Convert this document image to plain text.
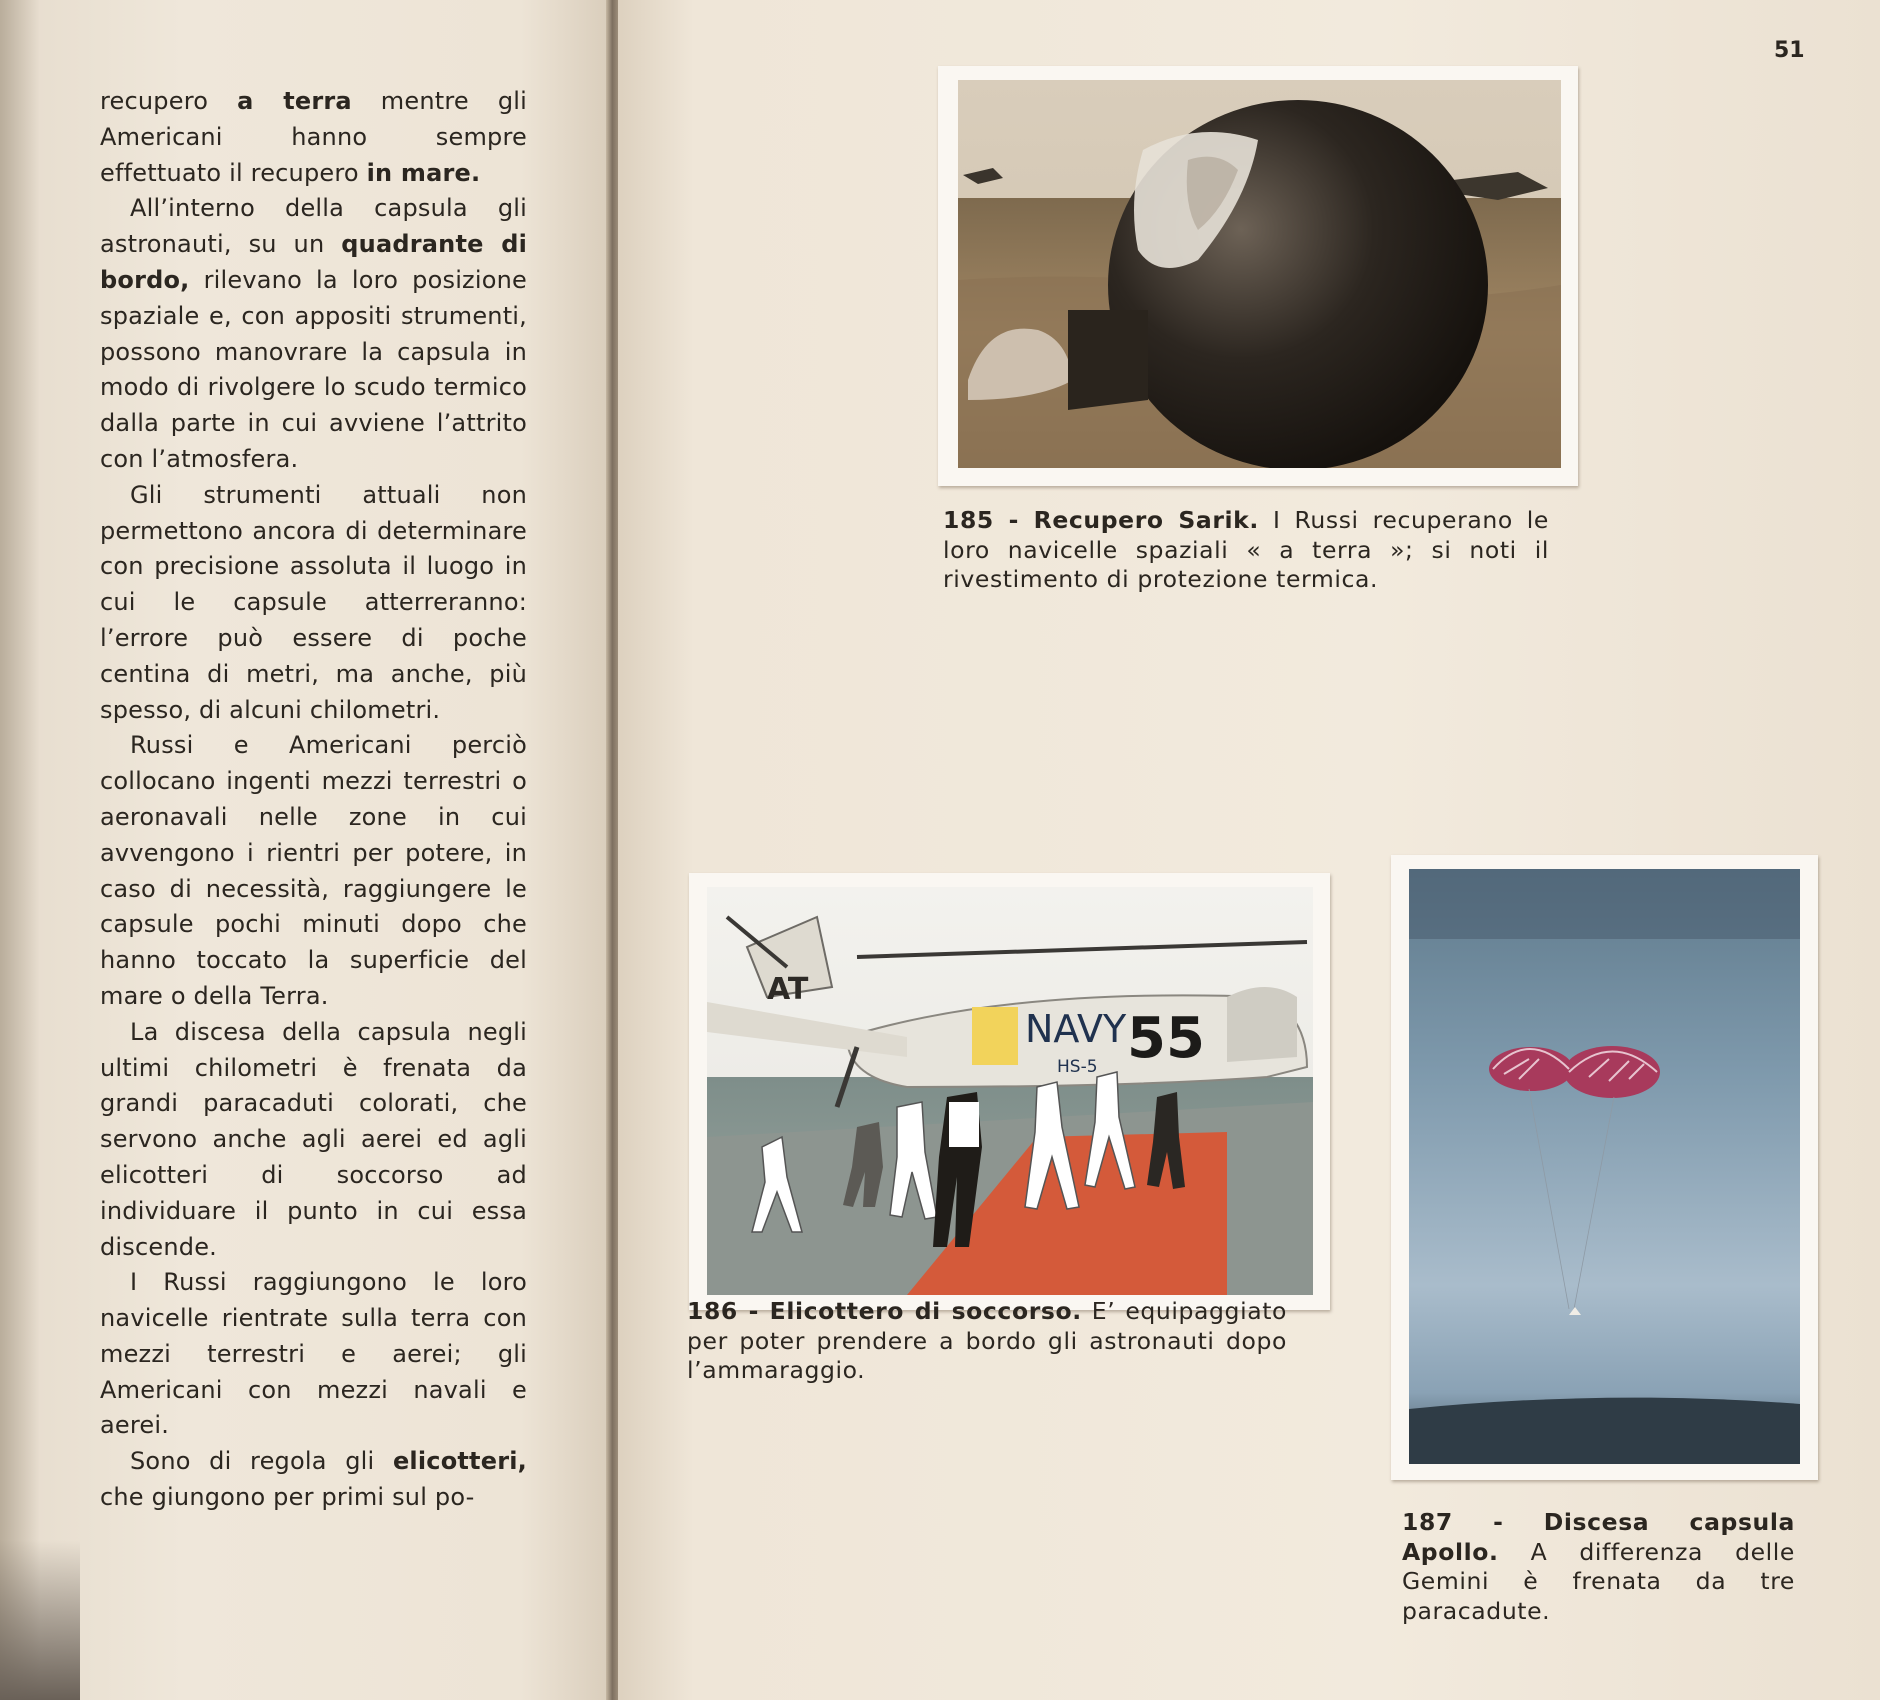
recupero a terra mentre gli Americani hanno sempre effettuato il recupero in mare.

All’interno della capsula gli astronauti, su un quadrante di bordo, rilevano la loro posizione spaziale e, con appositi strumenti, possono manovrare la capsula in modo di rivolgere lo scudo termico dalla parte in cui avviene l’attrito con l’atmosfera.

Gli strumenti attuali non permettono ancora di determinare con precisione assoluta il luogo in cui le capsule atterreranno: l’errore può essere di poche centina di metri, ma anche, più spesso, di alcuni chilometri.

Russi e Americani perciò collocano ingenti mezzi terrestri o aeronavali nelle zone in cui avvengono i rientri per potere, in caso di necessità, raggiungere le capsule pochi minuti dopo che hanno toccato la superficie del mare o della Terra.

La discesa della capsula negli ultimi chilometri è frenata da grandi paracaduti colorati, che servono anche agli aerei ed agli elicotteri di soccorso ad individuare il punto in cui essa discende.

I Russi raggiungono le loro navicelle rientrate sulla terra con mezzi terrestri e aerei; gli Americani con mezzi navali e aerei.

Sono di regola gli elicotteri, che giungono per primi sul po-

51
185 - Recupero Sarik. I Russi recuperano le loro navicelle spaziali « a terra »; si noti il rivestimento di protezione termica.
AT
NAVY
HS-5 55
186 - Elicottero di soccorso. E’ equipaggiato per poter prendere a bordo gli astronauti dopo l’ammaraggio.
187 - Discesa capsula Apollo. A differenza delle Gemini è frenata da tre paracadute.
